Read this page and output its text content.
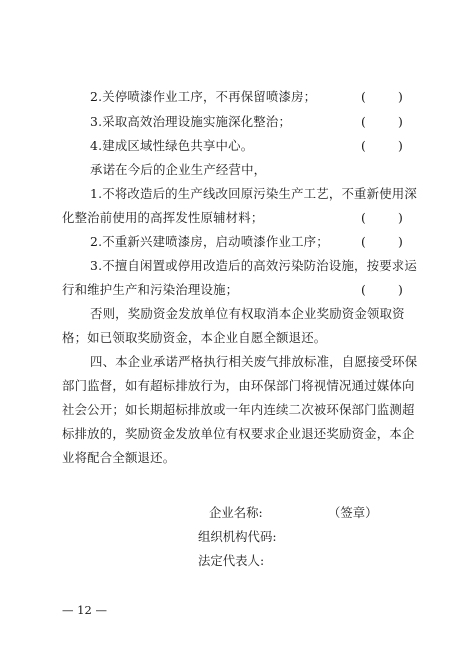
2.关停喷漆作业工序，不再保留喷漆房；	(	)
3.采取高效治理设施实施深化整治；	(	)
4.建成区域性绿色共享中心。	(	)
承诺在今后的企业生产经营中，
1.不将改造后的生产线改回原污染生产工艺，不重新使用深
化整治前使用的高挥发性原辅材料；	(	)
2.不重新兴建喷漆房，启动喷漆作业工序；	(	)
3.不擅自闲置或停用改造后的高效污染防治设施，按要求运
行和维护生产和污染治理设施；	(	)
否则，奖励资金发放单位有权取消本企业奖励资金领取资
格；如已领取奖励资金，本企业自愿全额退还。
四、本企业承诺严格执行相关废气排放标准，自愿接受环保
部门监督，如有超标排放行为，由环保部门将视情况通过媒体向
社会公开；如长期超标排放或一年内连续二次被环保部门监测超
标排放的，奖励资金发放单位有权要求企业退还奖励资金，本企
业将配合全额退还。
企业名称:	（签章）
组织机构代码:
法定代表人:
— 12 —
